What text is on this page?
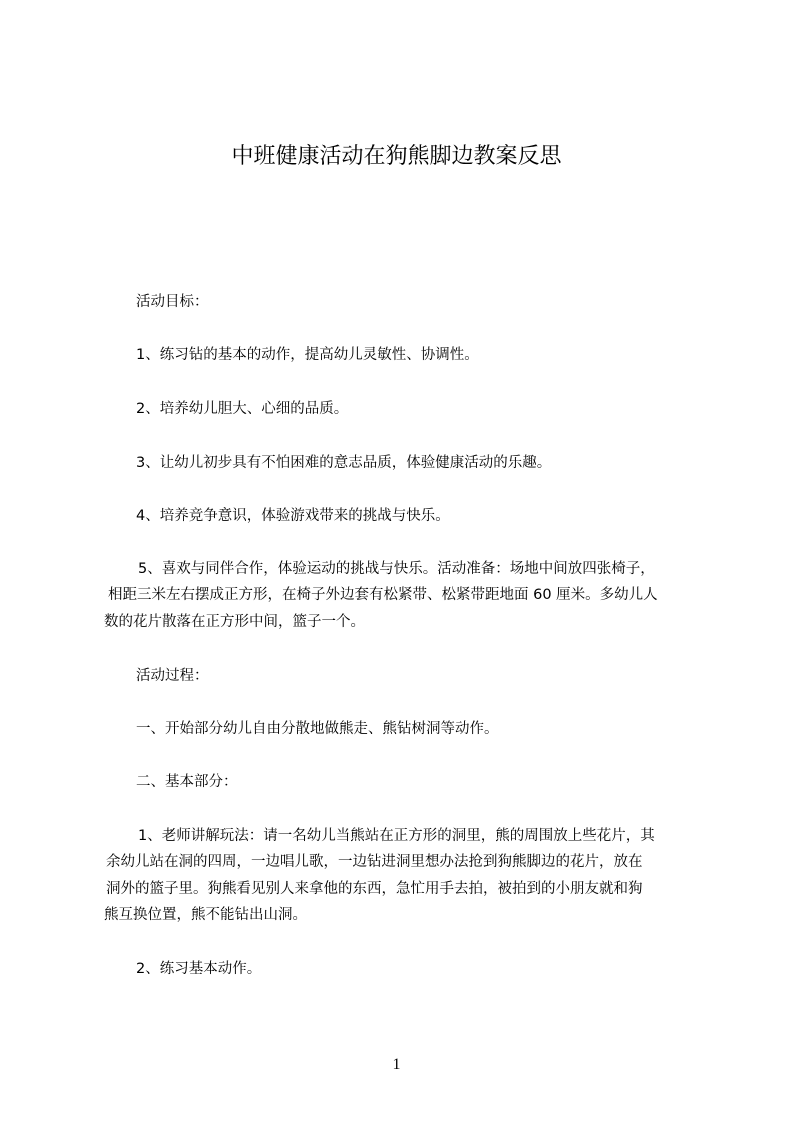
中班健康活动在狗熊脚边教案反思
活动目标：
1、练习钻的基本的动作，提高幼儿灵敏性、协调性。
2、培养幼儿胆大、心细的品质。
3、让幼儿初步具有不怕困难的意志品质，体验健康活动的乐趣。
4、培养竞争意识，体验游戏带来的挑战与快乐。
5、喜欢与同伴合作，体验运动的挑战与快乐。活动准备：场地中间放四张椅子，
相距三米左右摆成正方形，在椅子外边套有松紧带、松紧带距地面 60 厘米。多幼儿人
数的花片散落在正方形中间，篮子一个。
活动过程：
一、开始部分幼儿自由分散地做熊走、熊钻树洞等动作。
二、基本部分：
1、老师讲解玩法：请一名幼儿当熊站在正方形的洞里，熊的周围放上些花片，其
余幼儿站在洞的四周，一边唱儿歌，一边钻进洞里想办法抢到狗熊脚边的花片，放在
洞外的篮子里。狗熊看见别人来拿他的东西，急忙用手去拍，被拍到的小朋友就和狗
熊互换位置，熊不能钻出山洞。
2、练习基本动作。
1
